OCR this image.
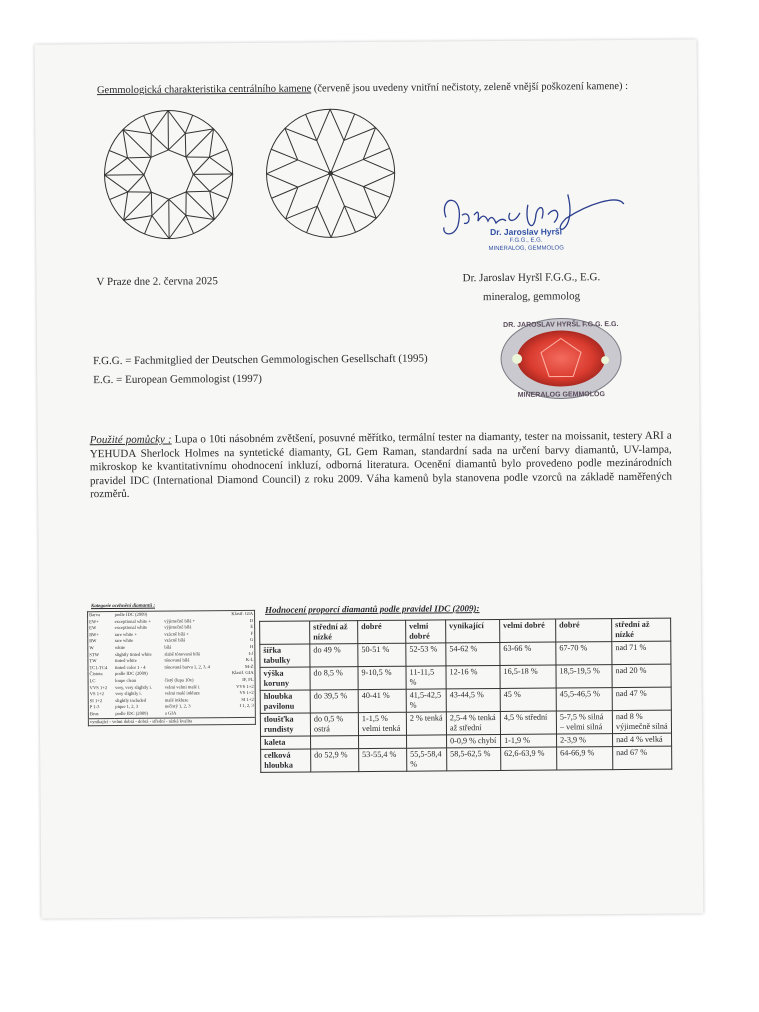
Gemmologická charakteristika centrálního kamene (červeně jsou uvedeny vnitřní nečistoty, zeleně vnější poškození kamene) :
Dr. Jaroslav Hyršl
F.G.G., E.G.
MINERALOG, GEMMOLOG
V Praze dne 2. června 2025	Dr. Jaroslav Hyršl F.G.G., E.G.
mineralog, gemmolog
F.G.G. = Fachmitglied der Deutschen Gemmologischen Gesellschaft (1995)
E.G. = European Gemmologist (1997)
DR. JAROSLAV HYRŠL F.G.G. E.G.
MINERALOG GEMMOLOG
Použité pomůcky : Lupa o 10ti násobném zvětšení, posuvné měřítko, termální tester na diamanty, tester na moissanit, testery ARI a YEHUDA Sherlock Holmes na syntetické diamanty, GL Gem Raman, standardní sada na určení barvy diamantů, UV-lampa, mikroskop ke kvantitativnímu ohodnocení inkluzí, odborná literatura. Ocenění diamantů bylo provedeno podle mezinárodních pravidel IDC (International Diamond Council) z roku 2009. Váha kamenů byla stanovena podle vzorců na základě naměřených rozměrů.
Kategorie ocehnění diamantů :
Barva	podle IDC (2009)		Klasif. GIA
EW+	exceptional white +	výjimečně bílá +	D
EW	exceptional white	výjimečně bílá	E
RW+	rare white +	vzácně bílá +	F
RW	rare white	vzácně bílá	G
W	white	bílá	H
STW	slightly tinted white	slabě tónovaná bílá	I-J
TW	tinted white	tónovaná bílá	K-L
TC1-TC4	tinted color 1 - 4	tónovaná barva 1, 2, 3, 4	M-Z
Čistota	podle IDC (2009)		Klasif. GIA
LC	loupe clean	čistý (lupa 10x)	IF, FL
VVS 1+2	very, very slightly i.	velmi velmi malé i.	VVS 1+2
VS 1+2	very slightly i.	velmi malé inkluze	VS 1+2
SI 1+2	slightly included	malé inkluze	SI 1+2
P 1-3	pique 1, 2, 3	nečistý 1, 2, 3	I 1, 2, 3
Brus	podle IDC (2009)	a GIA	
vynikající - velmi dobrá - dobrá - střední - nízká kvalita			
Hodnocení proporcí diamantů podle pravidel IDC (2009):
	střední až nízké	dobré	velmi dobré	vynikající	velmi dobré	dobré	střední až nízké
šířka tabulky	do 49 %	50-51 %	52-53 %	54-62 %	63-66 %	67-70 %	nad 71 %
výška koruny	do 8,5 %	9-10,5 %	11-11,5 %	12-16 %	16,5-18 %	18,5-19,5 %	nad 20 %
hloubka pavilonu	do 39,5 %	40-41 %	41,5-42,5 %	43-44,5 %	45 %	45,5-46,5 %	nad 47 %
tloušťka rundisty	do 0,5 % ostrá	1-1,5 % velmi tenká	2 % tenká	2,5-4 % tenká až střední	4,5 % střední	5-7,5 % silná – velmi silná	nad 8 % výjimečně silná
kaleta				0-0,9 % chybí	1-1,9 %	2-3,9 %	nad 4 % velká
celková hloubka	do 52,9 %	53-55,4 %	55,5-58,4 %	58,5-62,5 %	62,6-63,9 %	64-66,9 %	nad 67 %
